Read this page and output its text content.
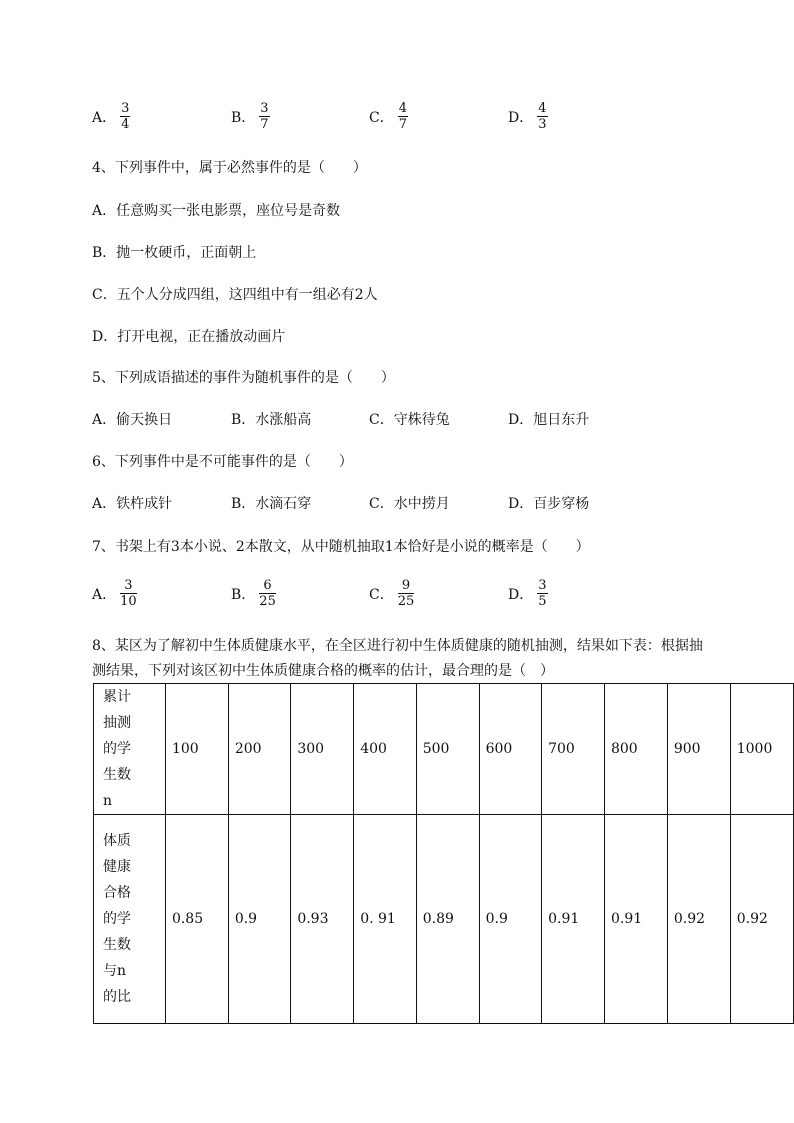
A． $\frac{3}{4}$	B． $\frac{3}{7}$	C． $\frac{4}{7}$	D． $\frac{4}{3}$
4、下列事件中，属于必然事件的是（　　）
A．任意购买一张电影票，座位号是奇数
B．抛一枚硬币，正面朝上
C．五个人分成四组，这四组中有一组必有2人
D．打开电视，正在播放动画片
5、下列成语描述的事件为随机事件的是（　　）
A．偷天换日	B．水涨船高	C．守株待兔	D．旭日东升
6、下列事件中是不可能事件的是（　　）
A．铁杵成针	B．水滴石穿	C．水中捞月	D．百步穿杨
7、书架上有3本小说、2本散文，从中随机抽取1本恰好是小说的概率是（　　）
A． $\frac{3}{10}$	B． $\frac{6}{25}$	C． $\frac{9}{25}$	D． $\frac{3}{5}$
8、某区为了解初中生体质健康水平，在全区进行初中生体质健康的随机抽测，结果如下表：根据抽
测结果，下列对该区初中生体质健康合格的概率的估计，最合理的是（　）
累计抽测的学生数n	100	200	300	400	500	600	700	800	900	1000

体质健康合格的学生数与n的比	0.85	0.9	0.93	0. 91	0.89	0.9	0.91	0.91	0.92	0.92
